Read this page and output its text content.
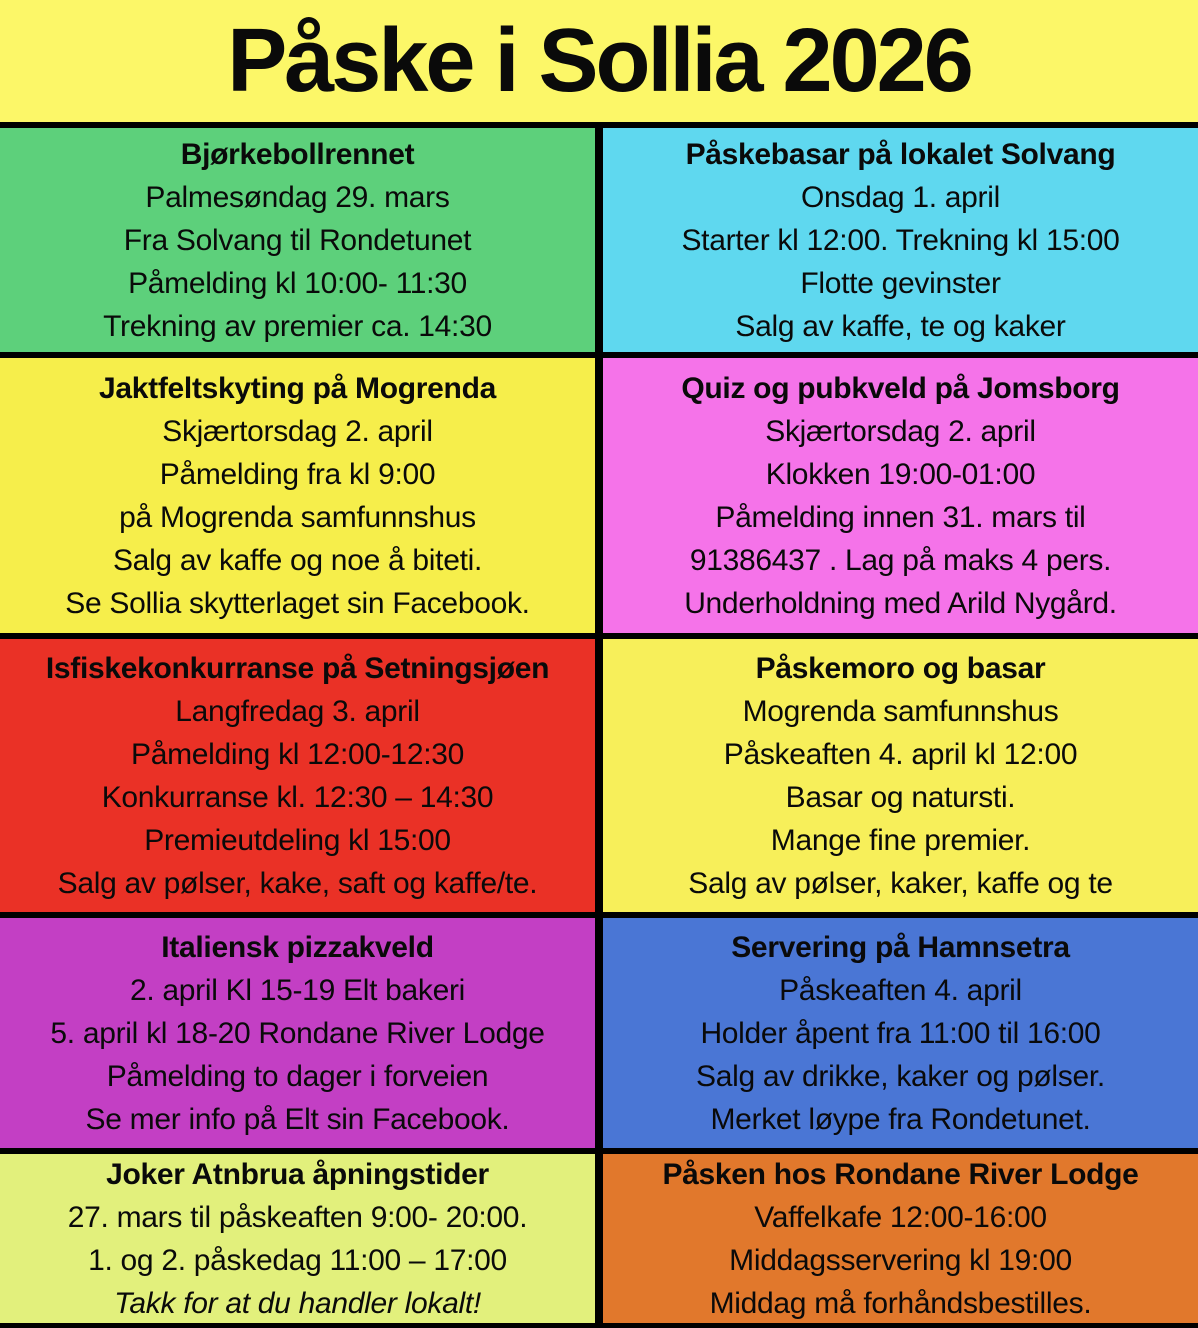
Påske i Sollia 2026
Bjørkebollrennet

Palmesøndag 29. mars

Fra Solvang til Rondetunet

Påmelding kl 10:00- 11:30

Trekning av premier ca. 14:30

Påskebasar på lokalet Solvang

Onsdag 1. april

Starter kl 12:00. Trekning kl 15:00

Flotte gevinster

Salg av kaffe, te og kaker

Jaktfeltskyting på Mogrenda

Skjærtorsdag 2. april

Påmelding fra kl 9:00

på Mogrenda samfunnshus

Salg av kaffe og noe å biteti.

Se Sollia skytterlaget sin Facebook.

Quiz og pubkveld på Jomsborg

Skjærtorsdag 2. april

Klokken 19:00-01:00

Påmelding innen 31. mars til

91386437 . Lag på maks 4 pers.

Underholdning med Arild Nygård.

Isfiskekonkurranse på Setningsjøen

Langfredag 3. april

Påmelding kl 12:00-12:30

Konkurranse kl. 12:30 – 14:30

Premieutdeling kl 15:00

Salg av pølser, kake, saft og kaffe/te.

Påskemoro og basar

Mogrenda samfunnshus

Påskeaften 4. april kl 12:00

Basar og natursti.

Mange fine premier.

Salg av pølser, kaker, kaffe og te

Italiensk pizzakveld

2. april Kl 15-19 Elt bakeri

5. april kl 18-20 Rondane River Lodge

Påmelding to dager i forveien

Se mer info på Elt sin Facebook.

Servering på Hamnsetra

Påskeaften 4. april

Holder åpent fra 11:00 til 16:00

Salg av drikke, kaker og pølser.

Merket løype fra Rondetunet.

Joker Atnbrua åpningstider

27. mars til påskeaften 9:00- 20:00.

1. og 2. påskedag 11:00 – 17:00

Takk for at du handler lokalt!

Påsken hos Rondane River Lodge

Vaffelkafe 12:00-16:00

Middagsservering kl 19:00

Middag må forhåndsbestilles.
